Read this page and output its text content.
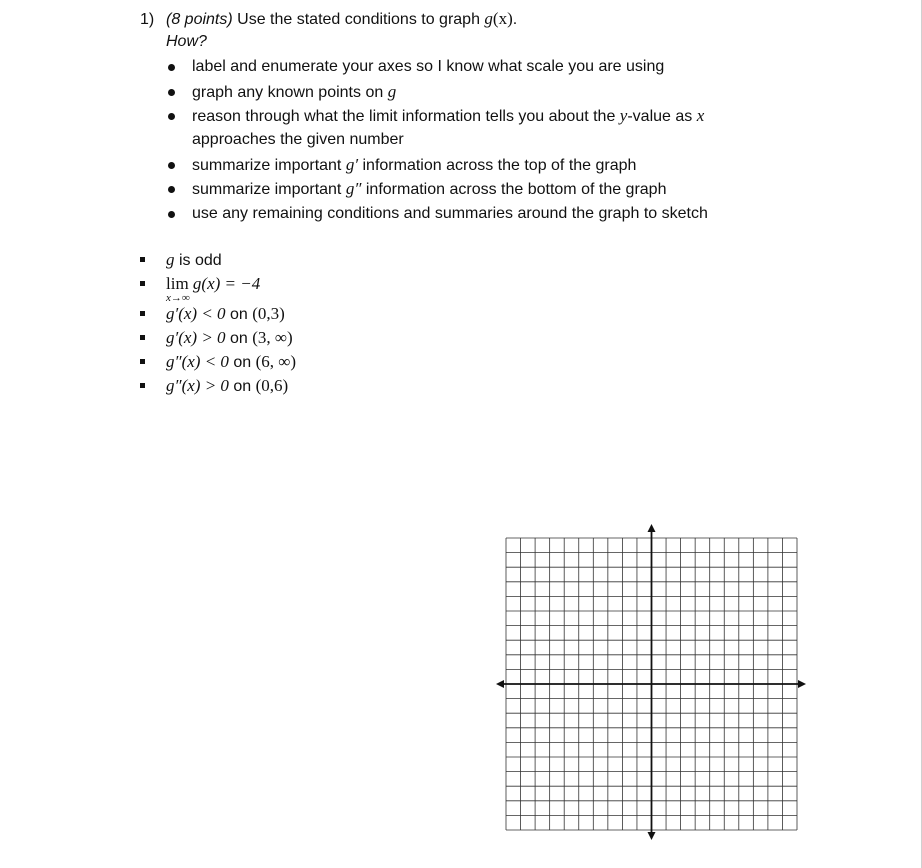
1) (8 points) Use the stated conditions to graph g(x).
How?
label and enumerate your axes so I know what scale you are using
graph any known points on g
reason through what the limit information tells you about the y-value as x
approaches the given number
summarize important g′ information across the top of the graph
summarize important g″ information across the bottom of the graph
use any remaining conditions and summaries around the graph to sketch
g is odd
lim g(x) = −4
x→∞
g′(x) < 0 on (0,3)
g′(x) > 0 on (3, ∞)
g″(x) < 0 on (6, ∞)
g″(x) > 0 on (0,6)
